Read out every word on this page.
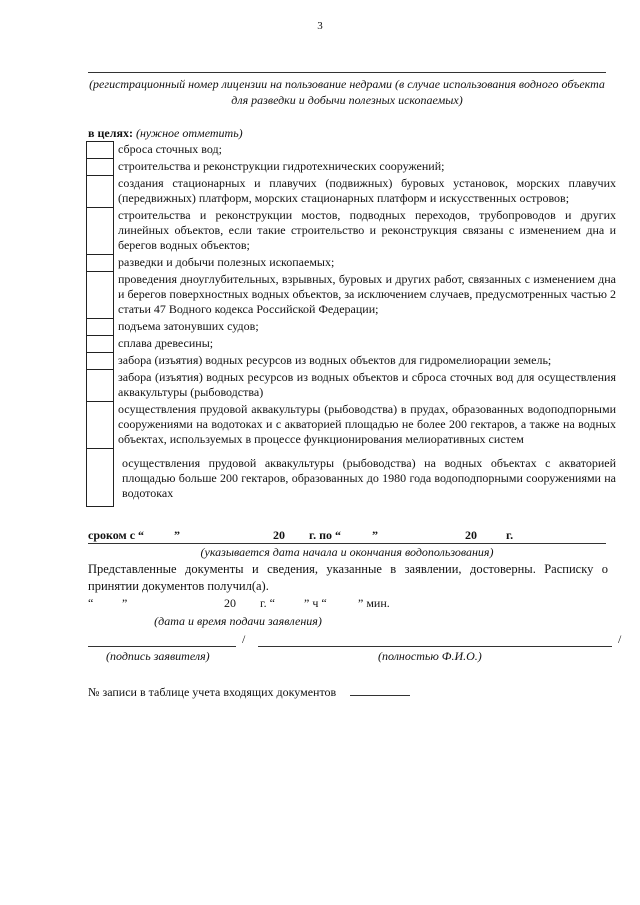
3
(регистрационный номер лицензии на пользование недрами (в случае использования водного объекта для разведки и добычи полезных ископаемых)
в целях: (нужное отметить)
сброса сточных вод;
строительства и реконструкции гидротехнических сооружений;
создания стационарных и плавучих (подвижных) буровых установок, морских плавучих (передвижных) платформ, морских стационарных платформ и искусственных островов;
строительства и реконструкции мостов, подводных переходов, трубопроводов и других линейных объектов, если такие строительство и реконструкция связаны с изменением дна и берегов водных объектов;
разведки и добычи полезных ископаемых;
проведения дноуглубительных, взрывных, буровых и других работ, связанных с изменением дна и берегов поверхностных водных объектов, за исключением случаев, предусмотренных частью 2 статьи 47 Водного кодекса Российской Федерации;
подъема затонувших судов;
сплава древесины;
забора (изъятия) водных ресурсов из водных объектов для гидромелиорации земель;
забора (изъятия) водных ресурсов из водных объектов и сброса сточных вод для осуществления аквакультуры (рыбоводства)
осуществления прудовой аквакультуры (рыбоводства) в прудах, образованных водоподпорными сооружениями на водотоках и с акваторией площадью не более 200 гектаров, а также на водных объектах, используемых в процессе функционирования мелиоративных систем
осуществления прудовой аквакультуры (рыбоводства) на водных объектах с акваторией площадью больше 200 гектаров, образованных до 1980 года водоподпорными сооружениями на водотоках
сроком с “ ”	20 г. по “	”	20 г.
(указывается дата начала и окончания водопользования)
Представленные документы и сведения, указанные в заявлении, достоверны. Расписку о принятии документов получил(а).
“ ”	20 г. “ ” ч “	” мин.
(дата и время подачи заявления)
/	/
(подпись заявителя)	(полностью Ф.И.О.)
№ записи в таблице учета входящих документов
